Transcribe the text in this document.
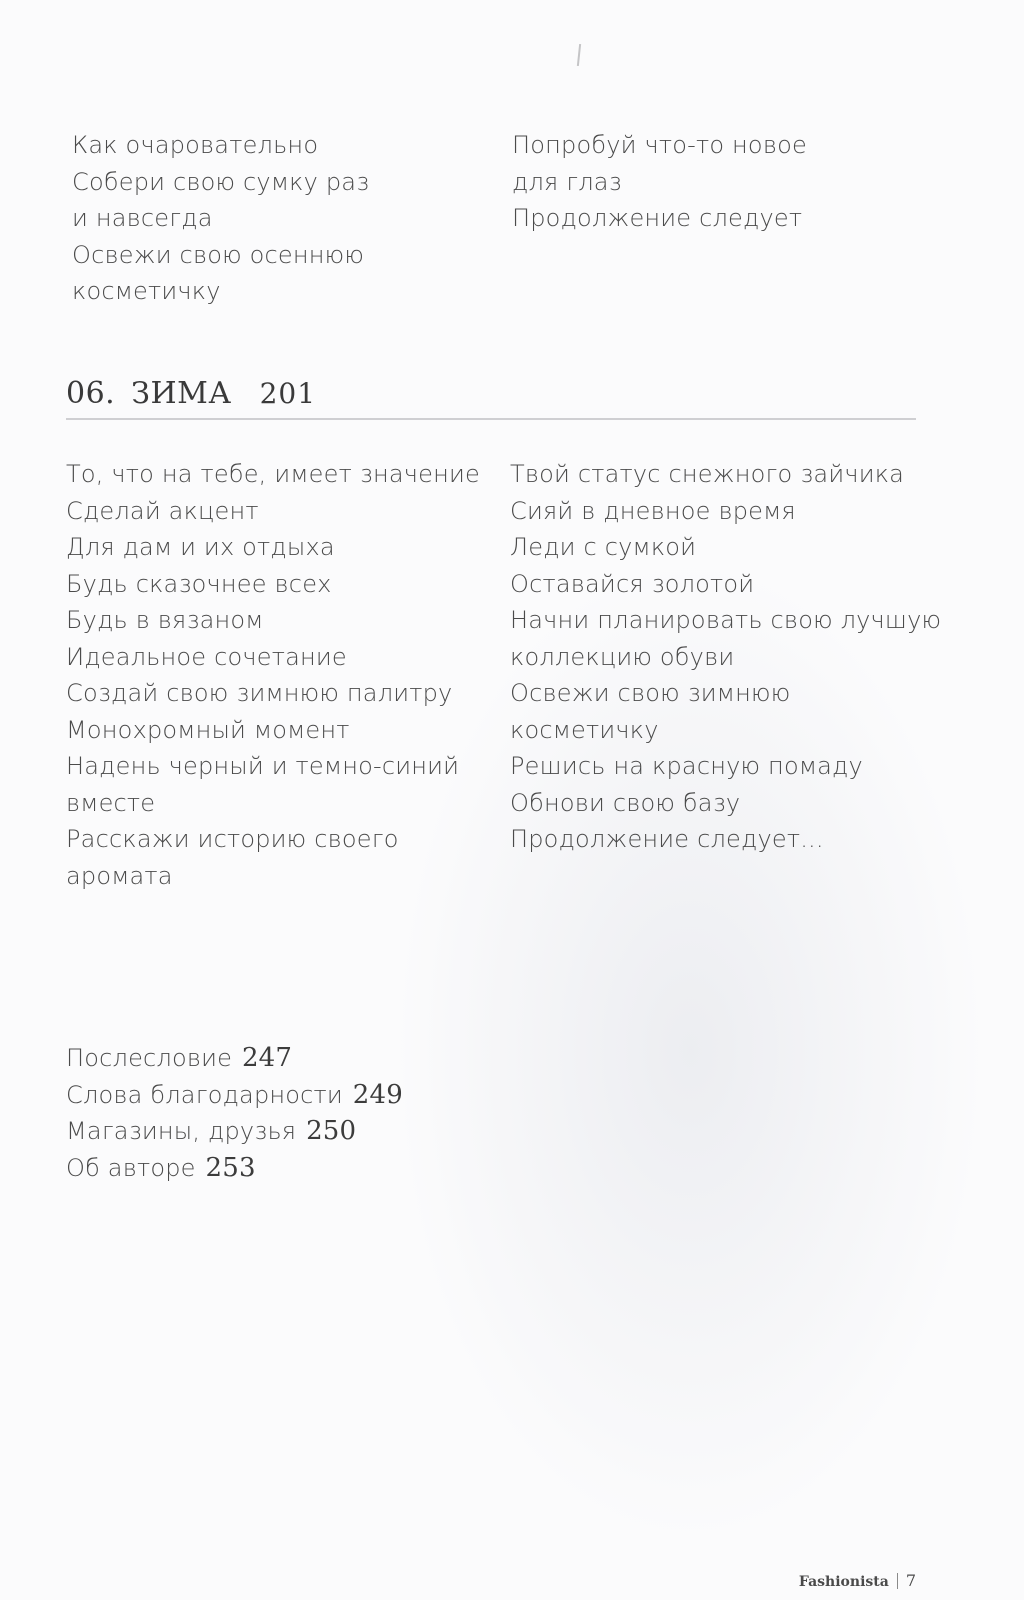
Как очаровательно
Собери свою сумку раз
и навсегда
Освежи свою осеннюю
косметичку
Попробуй что-то новое
для глаз
Продолжение следует
06. ЗИМА 201
То, что на тебе, имеет значение
Сделай акцент
Для дам и их отдыха
Будь сказочнее всех
Будь в вязаном
Идеальное сочетание
Создай свою зимнюю палитру
Монохромный момент
Надень черный и темно-синий
вместе
Расскажи историю своего
аромата
Твой статус снежного зайчика
Сияй в дневное время
Леди с сумкой
Оставайся золотой
Начни планировать свою лучшую
коллекцию обуви
Освежи свою зимнюю
косметичку
Решись на красную помаду
Обнови свою базу
Продолжение следует...
Послесловие 247
Слова благодарности 249
Магазины, друзья 250
Об авторе 253
Fashionista 7
